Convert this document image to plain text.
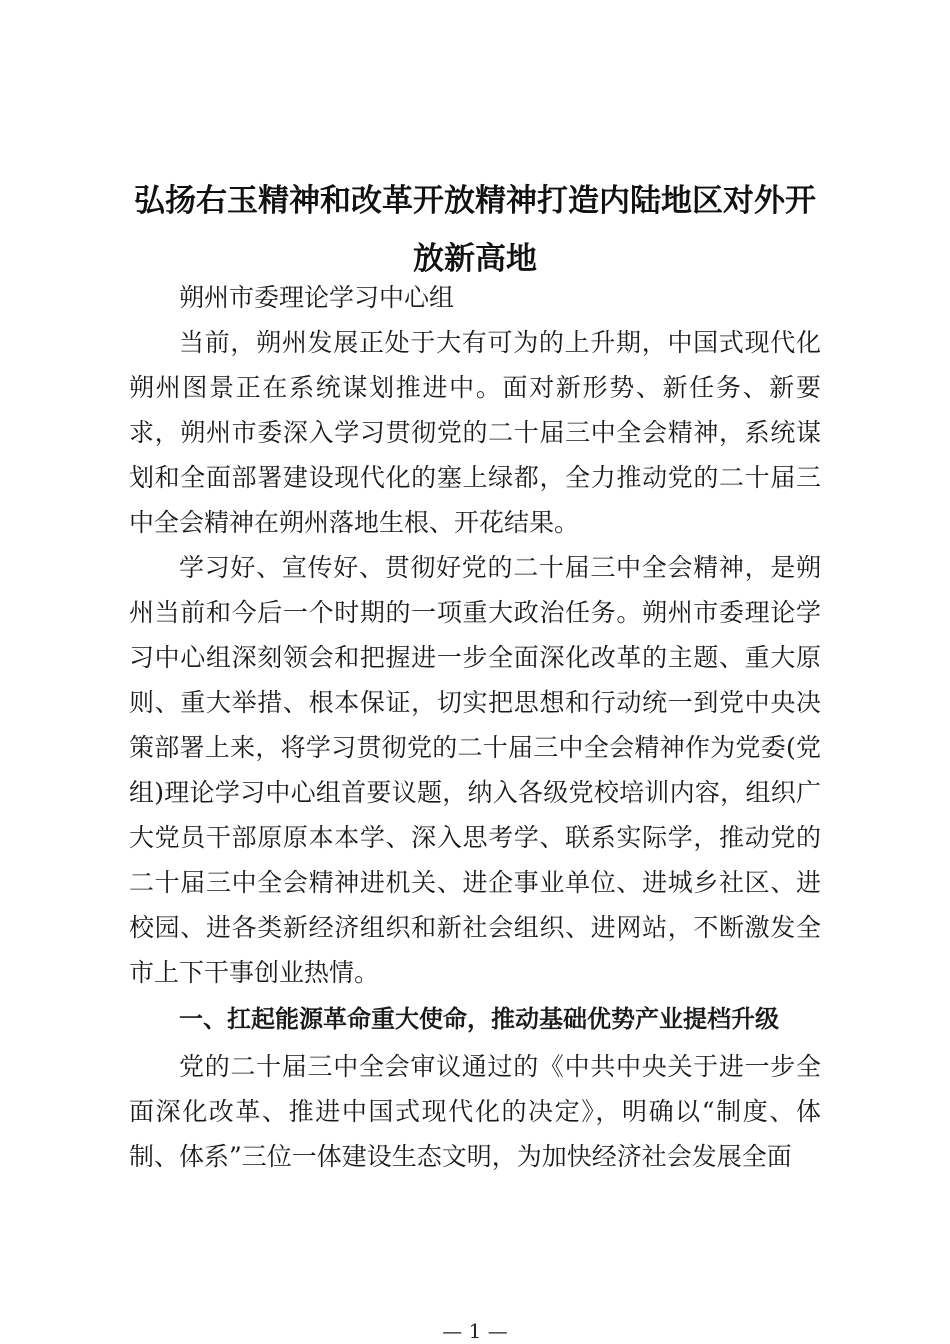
弘扬右玉精神和改革开放精神打造内陆地区对外开放新高地

朔州市委理论学习中心组

当前，朔州发展正处于大有可为的上升期，中国式现代化朔州图景正在系统谋划推进中。面对新形势、新任务、新要求，朔州市委深入学习贯彻党的二十届三中全会精神，系统谋划和全面部署建设现代化的塞上绿都，全力推动党的二十届三中全会精神在朔州落地生根、开花结果。

学习好、宣传好、贯彻好党的二十届三中全会精神，是朔州当前和今后一个时期的一项重大政治任务。朔州市委理论学习中心组深刻领会和把握进一步全面深化改革的主题、重大原则、重大举措、根本保证，切实把思想和行动统一到党中央决策部署上来，将学习贯彻党的二十届三中全会精神作为党委(党组)理论学习中心组首要议题，纳入各级党校培训内容，组织广大党员干部原原本本学、深入思考学、联系实际学，推动党的二十届三中全会精神进机关、进企事业单位、进城乡社区、进校园、进各类新经济组织和新社会组织、进网站，不断激发全市上下干事创业热情。

一、扛起能源革命重大使命，推动基础优势产业提档升级

党的二十届三中全会审议通过的《中共中央关于进一步全面深化改革、推进中国式现代化的决定》，明确以“制度、体制、体系”三位一体建设生态文明，为加快经济社会发展全面

— 1 —
